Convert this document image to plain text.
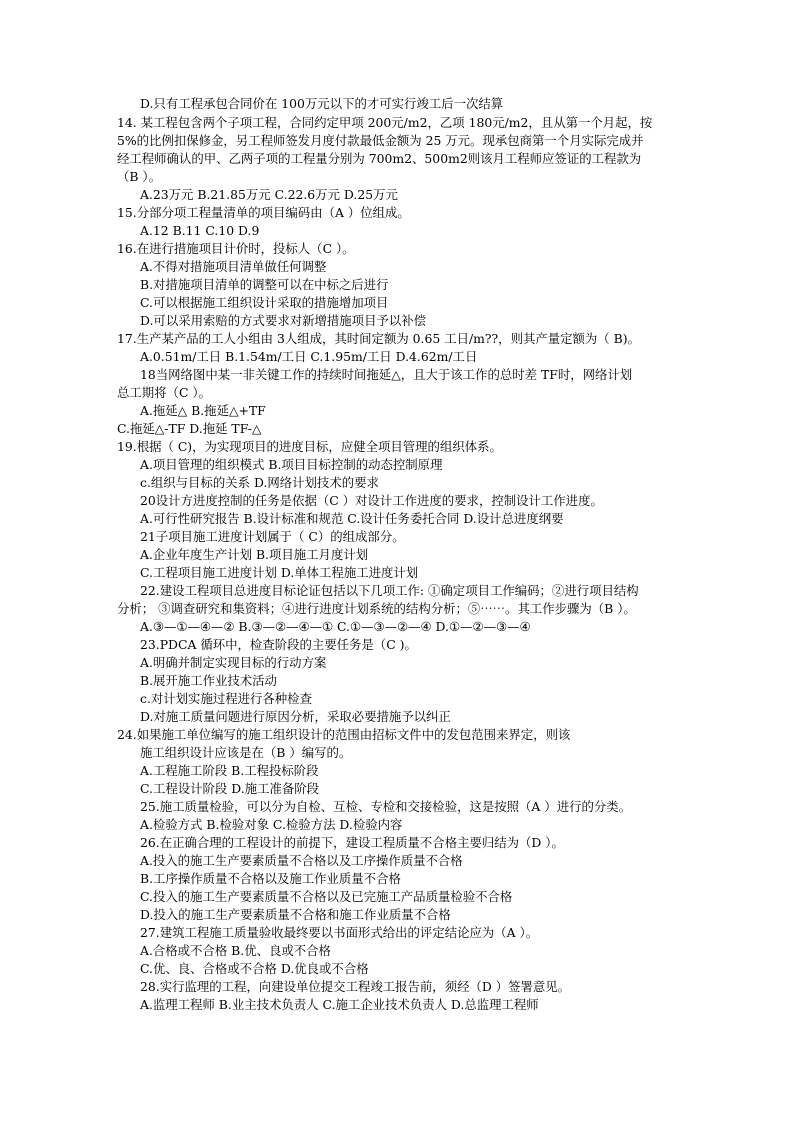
D.只有工程承包合同价在 100万元以下的才可实行竣工后一次结算
14. 某工程包含两个子项工程，合同约定甲项 200元/m2，乙项 180元/m2，且从第一个月起，按
5%的比例扣保修金，另工程师签发月度付款最低金额为 25 万元。现承包商第一个月实际完成并
经工程师确认的甲、乙两子项的工程量分别为 700m2、500m2则该月工程师应签证的工程款为
（B ）。
A.23万元 B.21.85万元 C.22.6万元 D.25万元
15.分部分项工程量清单的项目编码由（A ）位组成。
A.12 B.11 C.10 D.9
16.在进行措施项目计价时，投标人（C ）。
A.不得对措施项目清单做任何调整
B.对措施项目清单的调整可以在中标之后进行
C.可以根据施工组织设计采取的措施增加项目
D.可以采用索赔的方式要求对新增措施项目予以补偿
17.生产某产品的工人小组由 3人组成，其时间定额为 0.65 工日/m??，则其产量定额为（ B)。
A.0.51m/工日 B.1.54m/工日 C.1.95m/工日 D.4.62m/工日
18当网络图中某一非关键工作的持续时间拖延△，且大于该工作的总时差 TF时，网络计划
总工期将（C ）。
A.拖延△ B.拖延△+TF
C.拖延△-TF D.拖延 TF-△
19.根据（ C)，为实现项目的进度目标，应健全项目管理的组织体系。
A.项目管理的组织模式 B.项目目标控制的动态控制原理
c.组织与目标的关系 D.网络计划技术的要求
20设计方进度控制的任务是依据（C ）对设计工作进度的要求，控制设计工作进度。
A.可行性研究报告 B.设计标准和规范 C.设计任务委托合同 D.设计总进度纲要
21子项目施工进度计划属于（ C）的组成部分。
A.企业年度生产计划 B.项目施工月度计划
C.工程项目施工进度计划 D.单体工程施工进度计划
22.建设工程项目总进度目标论证包括以下几项工作: ①确定项目工作编码；②进行项目结构
分析； ③调查研究和集资料；④进行进度计划系统的结构分析；⑤⋯⋯。其工作步骤为（B ）。
A.③—①—④—② B.③—②—④—① C.①—③—②—④ D.①—②—③—④
23.PDCA 循环中，检查阶段的主要任务是（C )。
A.明确并制定实现目标的行动方案
B.展开施工作业技术活动
c.对计划实施过程进行各种检查
D.对施工质量问题进行原因分析，采取必要措施予以纠正
24.如果施工单位编写的施工组织设计的范围由招标文件中的发包范围来界定，则该
施工组织设计应该是在（B ）编写的。
A.工程施工阶段 B.工程投标阶段
C.工程设计阶段 D.施工准备阶段
25.施工质量检验，可以分为自检、互检、专检和交接检验，这是按照（A ）进行的分类。
A.检验方式 B.检验对象 C.检验方法 D.检验内容
26.在正确合理的工程设计的前提下，建设工程质量不合格主要归结为（D ）。
A.投入的施工生产要素质量不合格以及工序操作质量不合格
B.工序操作质量不合格以及施工作业质量不合格
C.投入的施工生产要素质量不合格以及已完施工产品质量检验不合格
D.投入的施工生产要素质量不合格和施工作业质量不合格
27.建筑工程施工质量验收最终要以书面形式给出的评定结论应为（A ）。
A.合格或不合格 B.优、良或不合格
C.优、良、合格或不合格 D.优良或不合格
28.实行监理的工程，向建设单位提交工程竣工报告前，须经（D ）签署意见。
A.监理工程师 B.业主技术负责人 C.施工企业技术负责人 D.总监理工程师
